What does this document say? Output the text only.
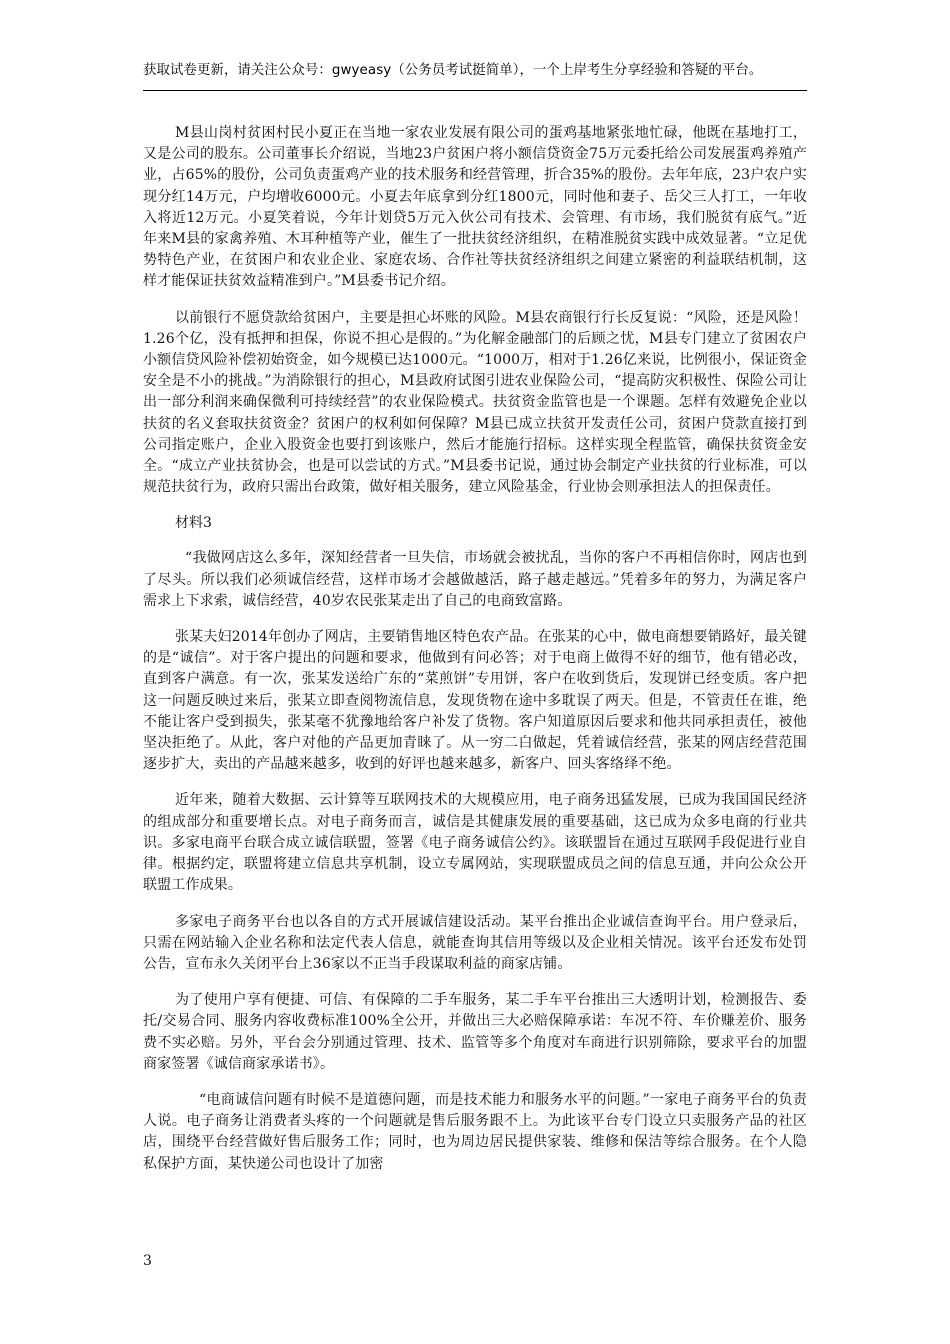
获取试卷更新，请关注公众号：gwyeasy（公务员考试挺简单），一个上岸考生分享经验和答疑的平台。

M县山岗村贫困村民小夏正在当地一家农业发展有限公司的蛋鸡基地紧张地忙碌，他既在基地打工，又是公司的股东。公司董事长介绍说，当地23户贫困户将小额信贷资金75万元委托给公司发展蛋鸡养殖产业，占65%的股份，公司负责蛋鸡产业的技术服务和经营管理，折合35%的股份。去年年底，23户农户实现分红14万元，户均增收6000元。小夏去年底拿到分红1800元，同时他和妻子、岳父三人打工，一年收入将近12万元。小夏笑着说，今年计划贷5万元入伙公司有技术、会管理、有市场，我们脱贫有底气。”近年来M县的家禽养殖、木耳种植等产业，催生了一批扶贫经济组织，在精准脱贫实践中成效显著。“立足优势特色产业，在贫困户和农业企业、家庭农场、合作社等扶贫经济组织之间建立紧密的利益联结机制，这样才能保证扶贫效益精准到户。”M县委书记介绍。

以前银行不愿贷款给贫困户，主要是担心坏账的风险。M县农商银行行长反复说：“风险，还是风险！1.26个亿，没有抵押和担保，你说不担心是假的。”为化解金融部门的后顾之忧，M县专门建立了贫困农户小额信贷风险补偿初始资金，如今规模已达1000元。“1000万，相对于1.26亿来说，比例很小，保证资金安全是不小的挑战。”为消除银行的担心，M县政府试图引进农业保险公司，“提高防灾积极性、保险公司让出一部分利润来确保微利可持续经营”的农业保险模式。扶贫资金监管也是一个课题。怎样有效避免企业以扶贫的名义套取扶贫资金？贫困户的权利如何保障？M县已成立扶贫开发责任公司，贫困户贷款直接打到公司指定账户，企业入股资金也要打到该账户，然后才能施行招标。这样实现全程监管，确保扶贫资金安全。“成立产业扶贫协会，也是可以尝试的方式。”M县委书记说，通过协会制定产业扶贫的行业标准，可以规范扶贫行为，政府只需出台政策，做好相关服务，建立风险基金，行业协会则承担法人的担保责任。

材料3

“我做网店这么多年，深知经营者一旦失信，市场就会被扰乱，当你的客户不再相信你时，网店也到了尽头。所以我们必须诚信经营，这样市场才会越做越活，路子越走越远。”凭着多年的努力，为满足客户需求上下求索，诚信经营，40岁农民张某走出了自己的电商致富路。

张某夫妇2014年创办了网店，主要销售地区特色农产品。在张某的心中，做电商想要销路好，最关键的是“诚信”。对于客户提出的问题和要求，他做到有问必答；对于电商上做得不好的细节，他有错必改，直到客户满意。有一次，张某发送给广东的“菜煎饼”专用饼，客户在收到货后，发现饼已经变质。客户把这一问题反映过来后，张某立即查阅物流信息，发现货物在途中多耽误了两天。但是，不管责任在谁，绝不能让客户受到损失，张某毫不犹豫地给客户补发了货物。客户知道原因后要求和他共同承担责任，被他坚决拒绝了。从此，客户对他的产品更加青睐了。从一穷二白做起，凭着诚信经营，张某的网店经营范围逐步扩大，卖出的产品越来越多，收到的好评也越来越多，新客户、回头客络绎不绝。

近年来，随着大数据、云计算等互联网技术的大规模应用，电子商务迅猛发展，已成为我国国民经济的组成部分和重要增长点。对电子商务而言，诚信是其健康发展的重要基础，这已成为众多电商的行业共识。多家电商平台联合成立诚信联盟，签署《电子商务诚信公约》。该联盟旨在通过互联网手段促进行业自律。根据约定，联盟将建立信息共享机制，设立专属网站，实现联盟成员之间的信息互通，并向公众公开联盟工作成果。

多家电子商务平台也以各自的方式开展诚信建设活动。某平台推出企业诚信查询平台。用户登录后，只需在网站输入企业名称和法定代表人信息，就能查询其信用等级以及企业相关情况。该平台还发布处罚公告，宣布永久关闭平台上36家以不正当手段谋取利益的商家店铺。

为了使用户享有便捷、可信、有保障的二手车服务，某二手车平台推出三大透明计划，检测报告、委托/交易合同、服务内容收费标准100%全公开，并做出三大必赔保障承诺：车况不符、车价赚差价、服务费不实必赔。另外，平台会分别通过管理、技术、监管等多个角度对车商进行识别筛除，要求平台的加盟商家签署《诚信商家承诺书》。

“电商诚信问题有时候不是道德问题，而是技术能力和服务水平的问题。”一家电子商务平台的负责人说。电子商务让消费者头疼的一个问题就是售后服务跟不上。为此该平台专门设立只卖服务产品的社区店，围绕平台经营做好售后服务工作；同时，也为周边居民提供家装、维修和保洁等综合服务。在个人隐私保护方面，某快递公司也设计了加密

3
